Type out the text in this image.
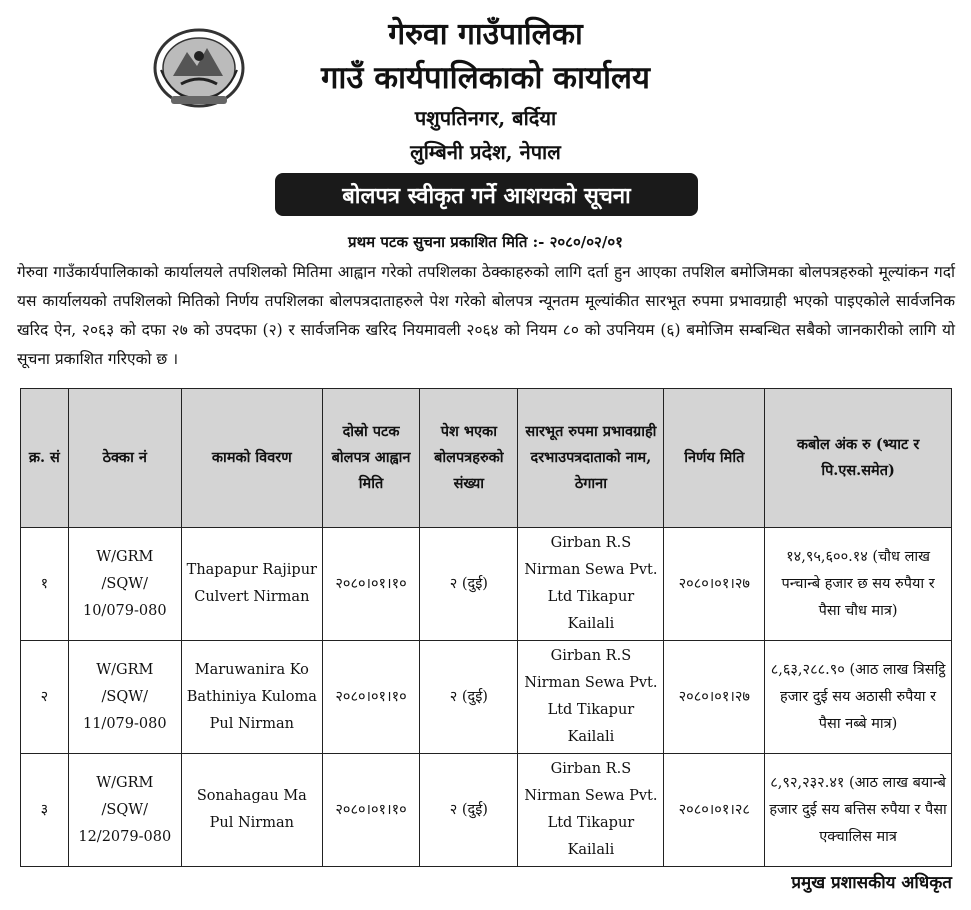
गेरुवा गाउँपालिका
गाउँ कार्यपालिकाको कार्यालय
पशुपतिनगर, बर्दिया
लुम्बिनी प्रदेश, नेपाल
बोलपत्र स्वीकृत गर्ने आशयको सूचना
प्रथम पटक सुचना प्रकाशित मिति :- २०८०/०२/०१
गेरुवा गाउँकार्यपालिकाको कार्यालयले तपशिलको मितिमा आह्वान गरेको तपशिलका ठेक्काहरुको लागि दर्ता हुन आएका तपशिल बमोजिमका बोलपत्रहरुको मूल्यांकन गर्दा यस कार्यालयको तपशिलको मितिको निर्णय तपशिलका बोलपत्रदाताहरुले पेश गरेको बोलपत्र न्यूनतम मूल्यांकीत सारभूत रुपमा प्रभावग्राही भएको पाइएकोले सार्वजनिक खरिद ऐन, २०६३ को दफा २७ को उपदफा (२) र सार्वजनिक खरिद नियमावली २०६४ को नियम ८० को उपनियम (६) बमोजिम सम्बन्धित सबैको जानकारीको लागि यो सूचना प्रकाशित गरिएको छ ।
क्र. सं	ठेक्का नं	कामको विवरण	दोस्रो पटक बोलपत्र आह्वान मिति	पेश भएका बोलपत्रहरुको संख्या	सारभूत रुपमा प्रभावग्राही दरभाउपत्रदाताको नाम, ठेगाना	निर्णय मिति	कबोल अंक रु (भ्याट र पि.एस.समेत)
१	W/GRM /SQW/ 10/079-080	Thapapur Rajipur Culvert Nirman	२०८०।०१।१०	२ (दुई)	Girban R.S Nirman Sewa Pvt. Ltd Tikapur Kailali	२०८०।०१।२७	१४,९५,६००.१४ (चौध लाख पन्चान्बे हजार छ सय रुपैया र पैसा चौध मात्र)
२	W/GRM /SQW/ 11/079-080	Maruwanira Ko Bathiniya Kuloma Pul Nirman	२०८०।०१।१०	२ (दुई)	Girban R.S Nirman Sewa Pvt. Ltd Tikapur Kailali	२०८०।०१।२७	८,६३,२८८.९० (आठ लाख त्रिसट्ठि हजार दुई सय अठासी रुपैया र पैसा नब्बे मात्र)
३	W/GRM /SQW/ 12/2079-080	Sonahagau Ma Pul Nirman	२०८०।०१।१०	२ (दुई)	Girban R.S Nirman Sewa Pvt. Ltd Tikapur Kailali	२०८०।०१।२८	८,९२,२३२.४१ (आठ लाख बयान्बे हजार दुई सय बत्तिस रुपैया र पैसा एक्चालिस मात्र
प्रमुख प्रशासकीय अधिकृत
